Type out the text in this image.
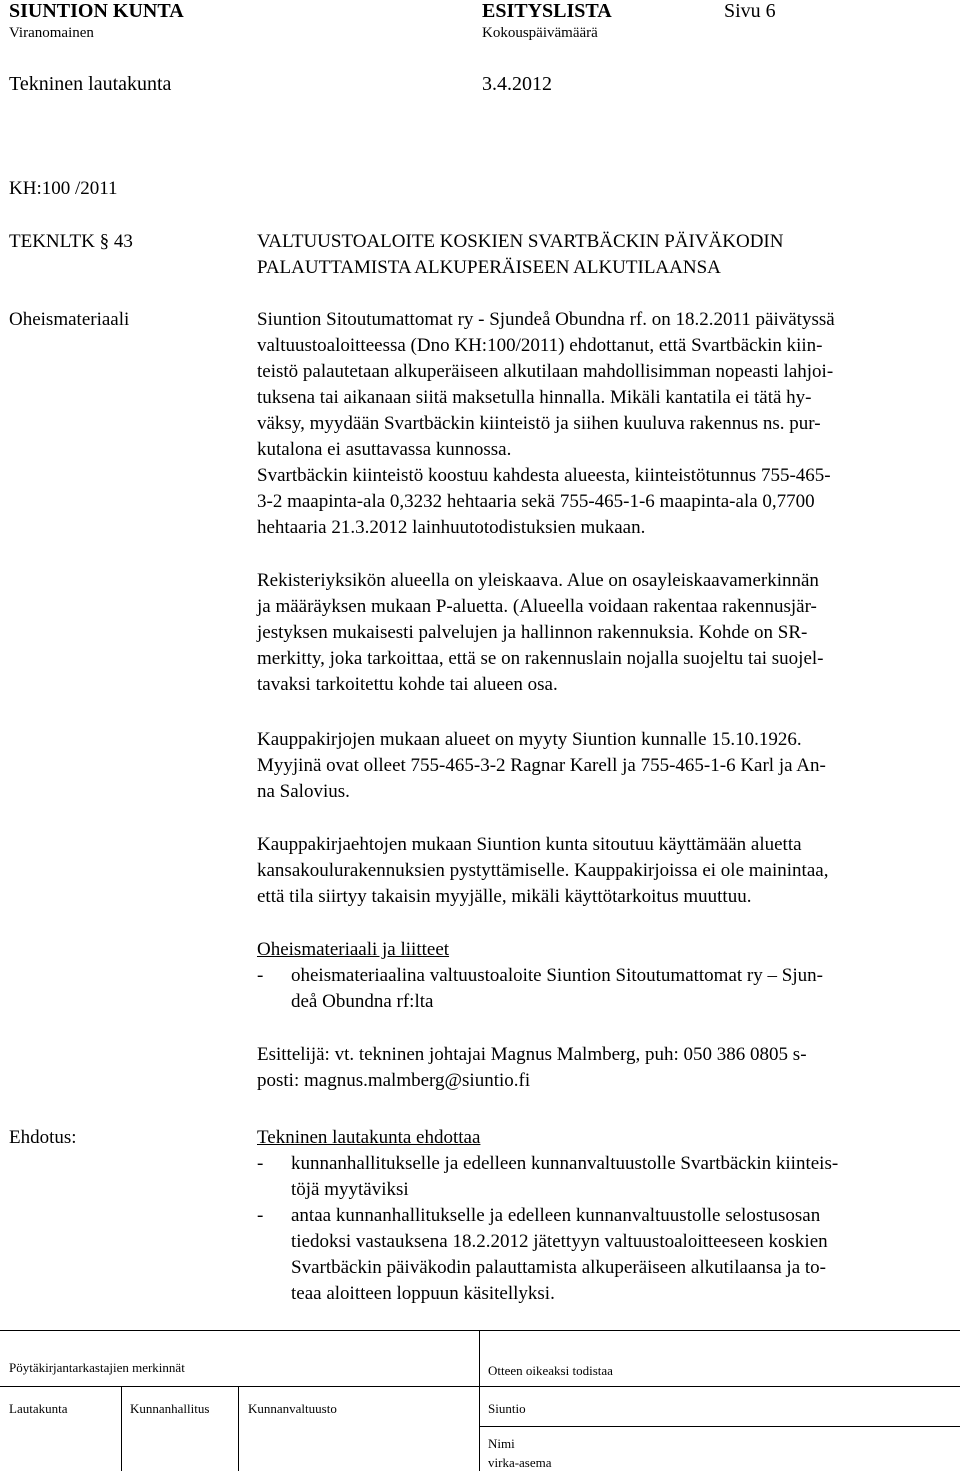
SIUNTION KUNTA	ESITYSLISTA	Sivu 6
Viranomainen	Kokouspäivämäärä
Tekninen lautakunta	3.4.2012
KH:100 /2011
TEKNLTK § 43	VALTUUSTOALOITE KOSKIEN SVARTBÄCKIN PÄIVÄKODIN
PALAUTTAMISTA ALKUPERÄISEEN ALKUTILAANSA
Oheismateriaali	Siuntion Sitoutumattomat ry - Sjundeå Obundna rf. on 18.2.2011 päivätyssä

valtuustoaloitteessa (Dno KH:100/2011) ehdottanut, että Svartbäckin kiin-

teistö palautetaan alkuperäiseen alkutilaan mahdollisimman nopeasti lahjoi-

tuksena tai aikanaan siitä maksetulla hinnalla. Mikäli kantatila ei tätä hy-

väksy, myydään Svartbäckin kiinteistö ja siihen kuuluva rakennus ns. pur-

kutalona ei asuttavassa kunnossa.

Svartbäckin kiinteistö koostuu kahdesta alueesta, kiinteistötunnus 755-465-

3-2 maapinta-ala 0,3232 hehtaaria sekä 755-465-1-6 maapinta-ala 0,7700

hehtaaria 21.3.2012 lainhuutotodistuksien mukaan.

Rekisteriyksikön alueella on yleiskaava. Alue on osayleiskaavamerkinnän

ja määräyksen mukaan P-aluetta. (Alueella voidaan rakentaa rakennusjär-

jestyksen mukaisesti palvelujen ja hallinnon rakennuksia. Kohde on SR-

merkitty, joka tarkoittaa, että se on rakennuslain nojalla suojeltu tai suojel-

tavaksi tarkoitettu kohde tai alueen osa.

Kauppakirjojen mukaan alueet on myyty Siuntion kunnalle 15.10.1926.

Myyjinä ovat olleet 755-465-3-2 Ragnar Karell ja 755-465-1-6 Karl ja An-

na Salovius.

Kauppakirjaehtojen mukaan Siuntion kunta sitoutuu käyttämään aluetta

kansakoulurakennuksien pystyttämiselle. Kauppakirjoissa ei ole mainintaa,

että tila siirtyy takaisin myyjälle, mikäli käyttötarkoitus muuttuu.

Oheismateriaali ja liitteet

- oheismateriaalina valtuustoaloite Siuntion Sitoutumattomat ry – Sjun-
deå Obundna rf:lta

Esittelijä: vt. tekninen johtajai Magnus Malmberg, puh: 050 386 0805 s-

posti: magnus.malmberg@siuntio.fi

Ehdotus:	Tekninen lautakunta ehdottaa

- kunnanhallitukselle ja edelleen kunnanvaltuustolle Svartbäckin kiinteis-
töjä myytäviksi
- antaa kunnanhallitukselle ja edelleen kunnanvaltuustolle selostusosan
tiedoksi vastauksena 18.2.2012 jätettyyn valtuustoaloitteeseen koskien
Svartbäckin päiväkodin palauttamista alkuperäiseen alkutilaansa ja to-
teaa aloitteen loppuun käsitellyksi.
Pöytäkirjantarkastajien merkinnät	Otteen oikeaksi todistaa
Lautakunta	Kunnanhallitus	Kunnanvaltuusto	Siuntio
Nimi
virka-asema
